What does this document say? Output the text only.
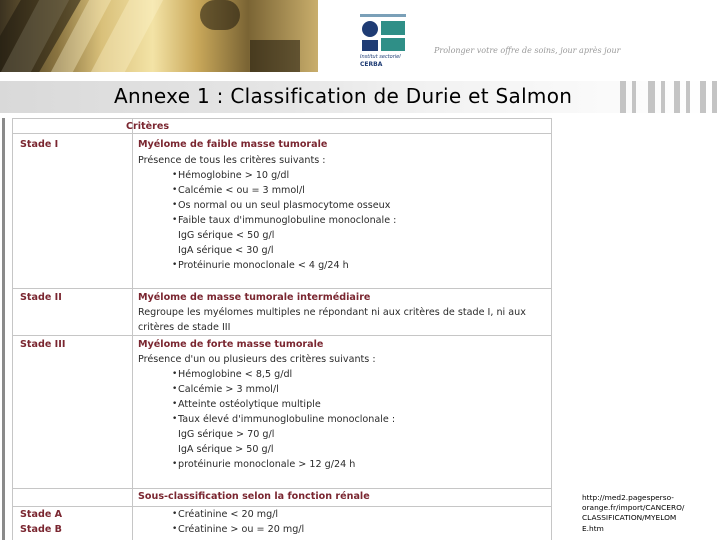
Institut sectoriel
CERBA
Prolonger votre offre de soins, jour après jour
Annexe 1 : Classification de Durie et Salmon
Critères
Stade I	Myélome de faible masse tumorale
Présence de tous les critères suivants :
• Hémoglobine > 10 g/dl
• Calcémie < ou = 3 mmol/l
• Os normal ou un seul plasmocytome osseux
• Faible taux d'immunoglobuline monoclonale :
IgG sérique < 50 g/l
IgA sérique < 30 g/l
• Protéinurie monoclonale < 4 g/24 h
Stade II	Myélome de masse tumorale intermédiaire
Regroupe les myélomes multiples ne répondant ni aux critères de stade I, ni aux
critères de stade III
Stade III	Myélome de forte masse tumorale
Présence d'un ou plusieurs des critères suivants :
• Hémoglobine < 8,5 g/dl
• Calcémie > 3 mmol/l
• Atteinte ostéolytique multiple
• Taux élevé d'immunoglobuline monoclonale :
IgG sérique > 70 g/l
IgA sérique > 50 g/l
• protéinurie monoclonale > 12 g/24 h
Sous-classification selon la fonction rénale
Stade A	• Créatinine < 20 mg/l
Stade B	• Créatinine > ou = 20 mg/l
http://med2.pagesperso-
orange.fr/import/CANCERO/
CLASSIFICATION/MYELOM
E.htm
